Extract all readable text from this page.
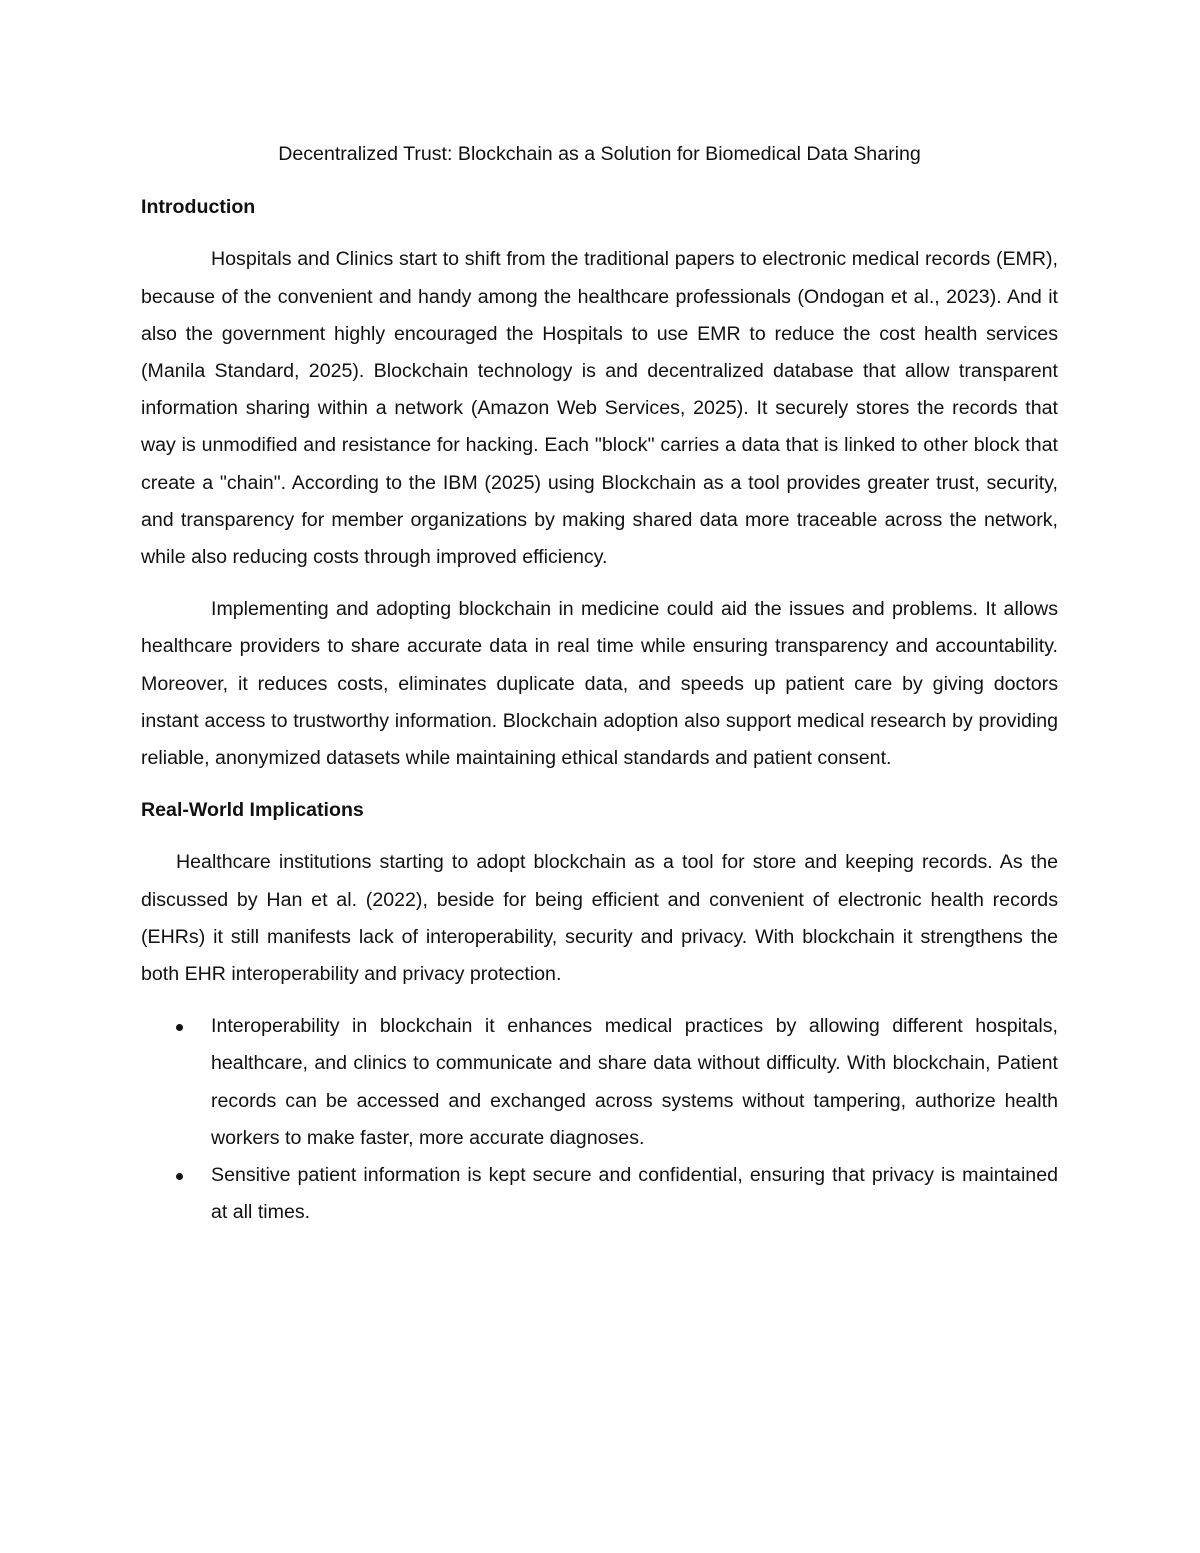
Decentralized Trust: Blockchain as a Solution for Biomedical Data Sharing
Introduction

Hospitals and Clinics start to shift from the traditional papers to electronic medical records (EMR), because of the convenient and handy among the healthcare professionals (Ondogan et al., 2023). And it also the government highly encouraged the Hospitals to use EMR to reduce the cost health services (Manila Standard, 2025). Blockchain technology is and decentralized database that allow transparent information sharing within a network (Amazon Web Services, 2025). It securely stores the records that way is unmodified and resistance for hacking. Each "block" carries a data that is linked to other block that create a "chain". According to the IBM (2025) using Blockchain as a tool provides greater trust, security, and transparency for member organizations by making shared data more traceable across the network, while also reducing costs through improved efficiency.

Implementing and adopting blockchain in medicine could aid the issues and problems. It allows healthcare providers to share accurate data in real time while ensuring transparency and accountability. Moreover, it reduces costs, eliminates duplicate data, and speeds up patient care by giving doctors instant access to trustworthy information. Blockchain adoption also support medical research by providing reliable, anonymized datasets while maintaining ethical standards and patient consent.

Real-World Implications

Healthcare institutions starting to adopt blockchain as a tool for store and keeping records. As the discussed by Han et al. (2022), beside for being efficient and convenient of electronic health records (EHRs) it still manifests lack of interoperability, security and privacy. With blockchain it strengthens the both EHR interoperability and privacy protection.

Interoperability in blockchain it enhances medical practices by allowing different hospitals, healthcare, and clinics to communicate and share data without difficulty. With blockchain, Patient records can be accessed and exchanged across systems without tampering, authorize health workers to make faster, more accurate diagnoses.
Sensitive patient information is kept secure and confidential, ensuring that privacy is maintained at all times.
